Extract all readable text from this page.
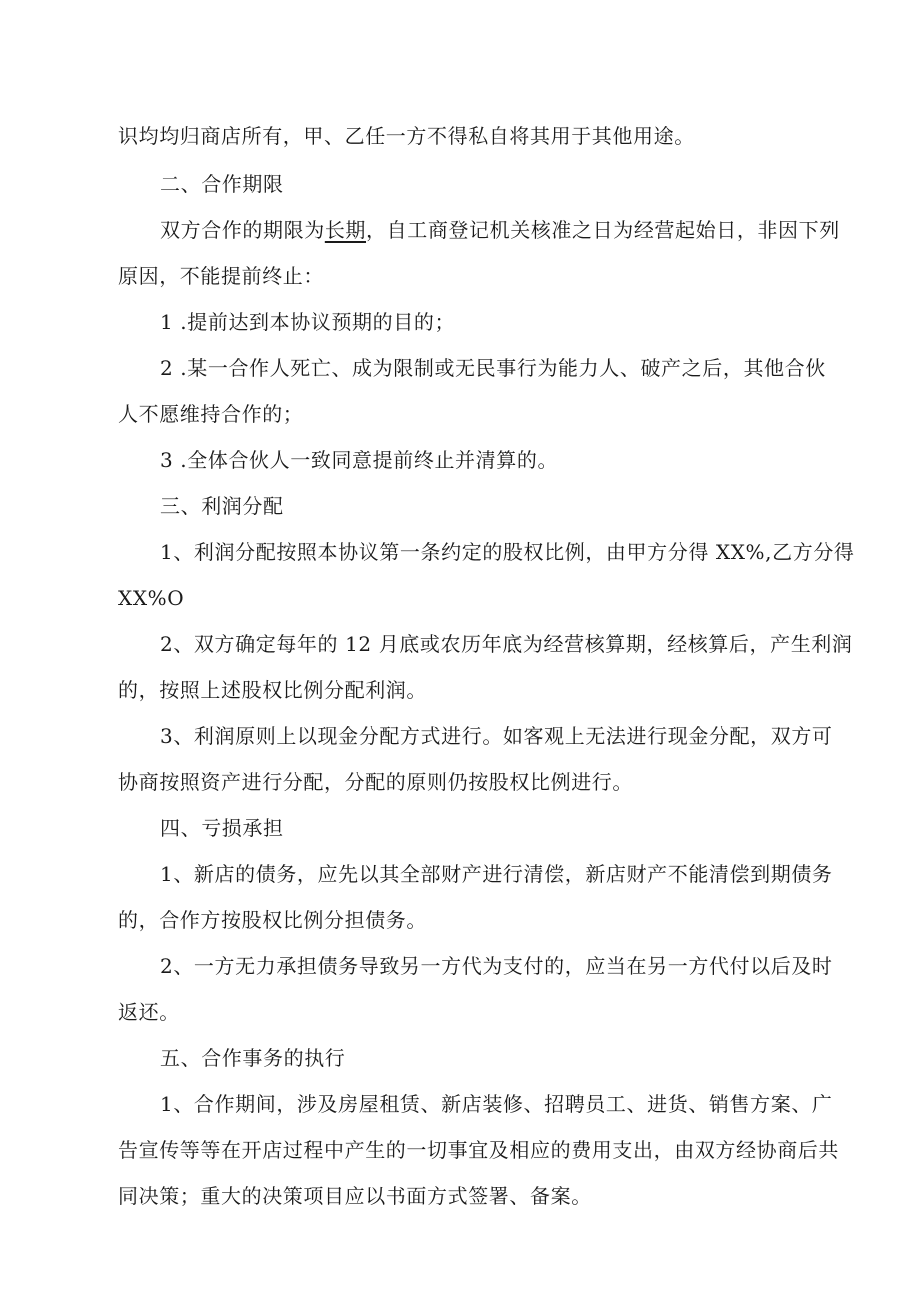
识均均归商店所有，甲、乙任一方不得私自将其用于其他用途。
二、合作期限
双方合作的期限为长期，自工商登记机关核准之日为经营起始日，非因下列
原因，不能提前终止：
1 .提前达到本协议预期的目的；
2 .某一合作人死亡、成为限制或无民事行为能力人、破产之后，其他合伙
人不愿维持合作的；
3 .全体合伙人一致同意提前终止并清算的。
三、利润分配
1、利润分配按照本协议第一条约定的股权比例，由甲方分得 XX%,乙方分得
XX%O
2、双方确定每年的 12 月底或农历年底为经营核算期，经核算后，产生利润
的，按照上述股权比例分配利润。
3、利润原则上以现金分配方式进行。如客观上无法进行现金分配，双方可
协商按照资产进行分配，分配的原则仍按股权比例进行。
四、亏损承担
1、新店的债务，应先以其全部财产进行清偿，新店财产不能清偿到期债务
的，合作方按股权比例分担债务。
2、一方无力承担债务导致另一方代为支付的，应当在另一方代付以后及时
返还。
五、合作事务的执行
1、合作期间，涉及房屋租赁、新店装修、招聘员工、进货、销售方案、广
告宣传等等在开店过程中产生的一切事宜及相应的费用支出，由双方经协商后共
同决策；重大的决策项目应以书面方式签署、备案。
